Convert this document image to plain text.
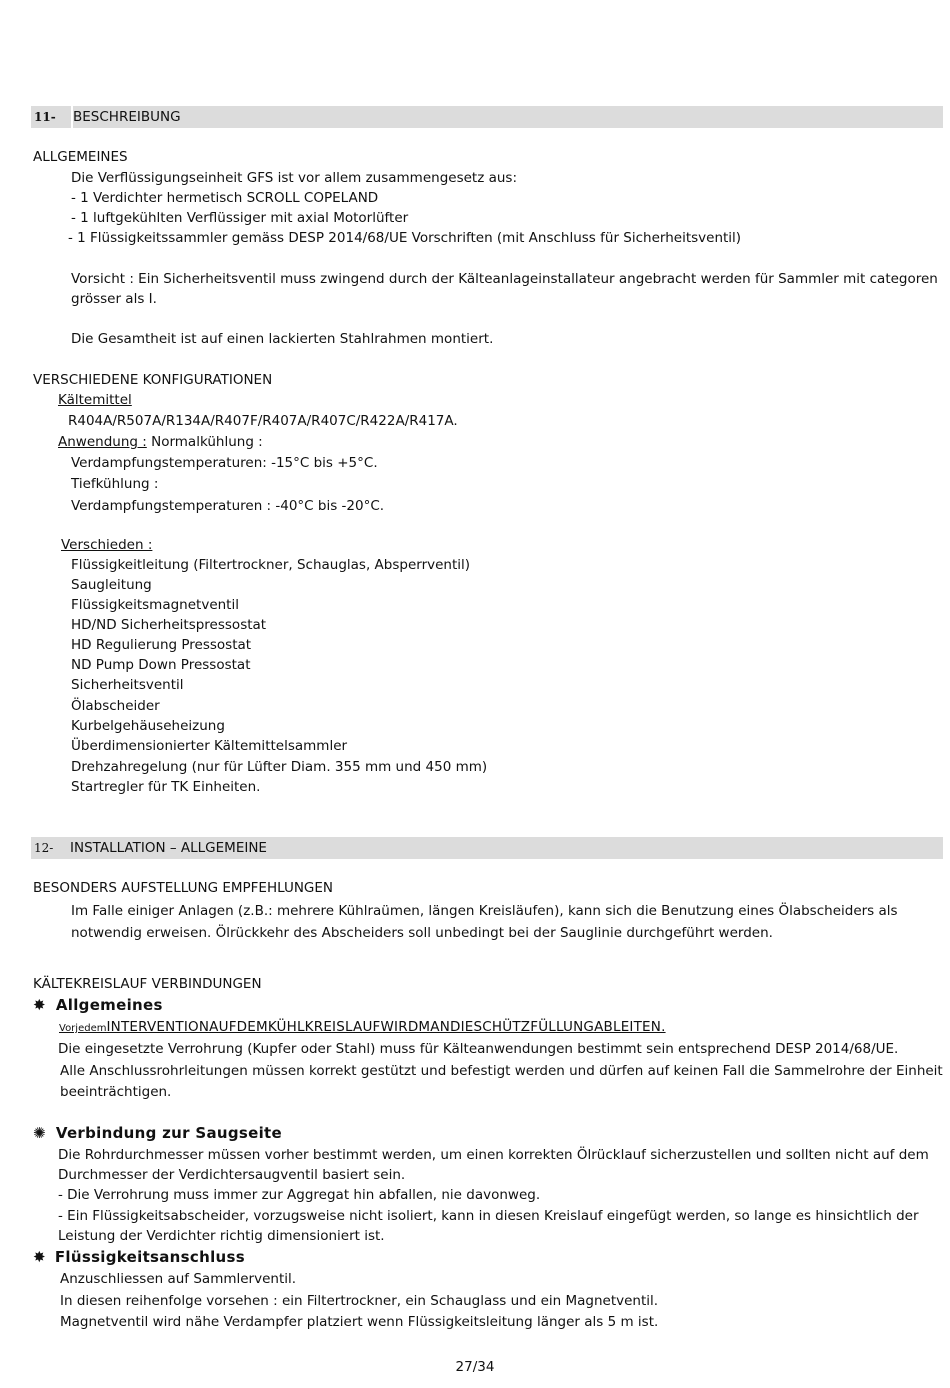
11-	BESCHREIBUNG
ALLGEMEINES
Die Verflüssigungseinheit GFS ist vor allem zusammengesetz aus:
- 1 Verdichter hermetisch SCROLL COPELAND
- 1 luftgekühlten Verflüssiger mit axial Motorlüfter
- 1 Flüssigkeitssammler gemäss DESP 2014/68/UE Vorschriften (mit Anschluss für Sicherheitsventil)
Vorsicht : Ein Sicherheitsventil muss zwingend durch der Kälteanlageinstallateur angebracht werden für Sammler mit categoren
grösser als I.
Die Gesamtheit ist auf einen lackierten Stahlrahmen montiert.
VERSCHIEDENE KONFIGURATIONEN
Kältemittel
R404A/R507A/R134A/R407F/R407A/R407C/R422A/R417A.
Anwendung : Normalkühlung :
Verdampfungstemperaturen: -15°C bis +5°C.
Tiefkühlung :
Verdampfungstemperaturen : -40°C bis -20°C.
Verschieden :
Flüssigkeitleitung (Filtertrockner, Schauglas, Absperrventil)
Saugleitung
Flüssigkeitsmagnetventil
HD/ND Sicherheitspressostat
HD Regulierung Pressostat
ND Pump Down Pressostat
Sicherheitsventil
Ölabscheider
Kurbelgehäuseheizung
Überdimensionierter Kältemittelsammler
Drehzahregelung (nur für Lüfter Diam. 355 mm und 450 mm)
Startregler für TK Einheiten.
12-	INSTALLATION – ALLGEMEINE
BESONDERS AUFSTELLUNG EMPFEHLUNGEN
Im Falle einiger Anlagen (z.B.: mehrere Kühlraümen, längen Kreisläufen), kann sich die Benutzung eines Ölabscheiders als
notwendig erweisen. Ölrückkehr des Abscheiders soll unbedingt bei der Sauglinie durchgeführt werden.
KÄLTEKREISLAUF VERBINDUNGEN
✸ Allgemeines
VorjedemINTERVENTIONAUFDEMKÜHLKREISLAUFWIRDMANDIESCHÜTZFÜLLUNGABLEITEN.
Die eingesetzte Verrohrung (Kupfer oder Stahl) muss für Kälteanwendungen bestimmt sein entsprechend DESP 2014/68/UE.
Alle Anschlussrohrleitungen müssen korrekt gestützt und befestigt werden und dürfen auf keinen Fall die Sammelrohre der Einheit
beeinträchtigen.
✺ Verbindung zur Saugseite
Die Rohrdurchmesser müssen vorher bestimmt werden, um einen korrekten Ölrücklauf sicherzustellen und sollten nicht auf dem
Durchmesser der Verdichtersaugventil basiert sein.
- Die Verrohrung muss immer zur Aggregat hin abfallen, nie davonweg.
- Ein Flüssigkeitsabscheider, vorzugsweise nicht isoliert, kann in diesen Kreislauf eingefügt werden, so lange es hinsichtlich der
Leistung der Verdichter richtig dimensioniert ist.
✸ Flüssigkeitsanschluss
Anzuschliessen auf Sammlerventil.
In diesen reihenfolge vorsehen : ein Filtertrockner, ein Schauglass und ein Magnetventil.
Magnetventil wird nähe Verdampfer platziert wenn Flüssigkeitsleitung länger als 5 m ist.
27/34
